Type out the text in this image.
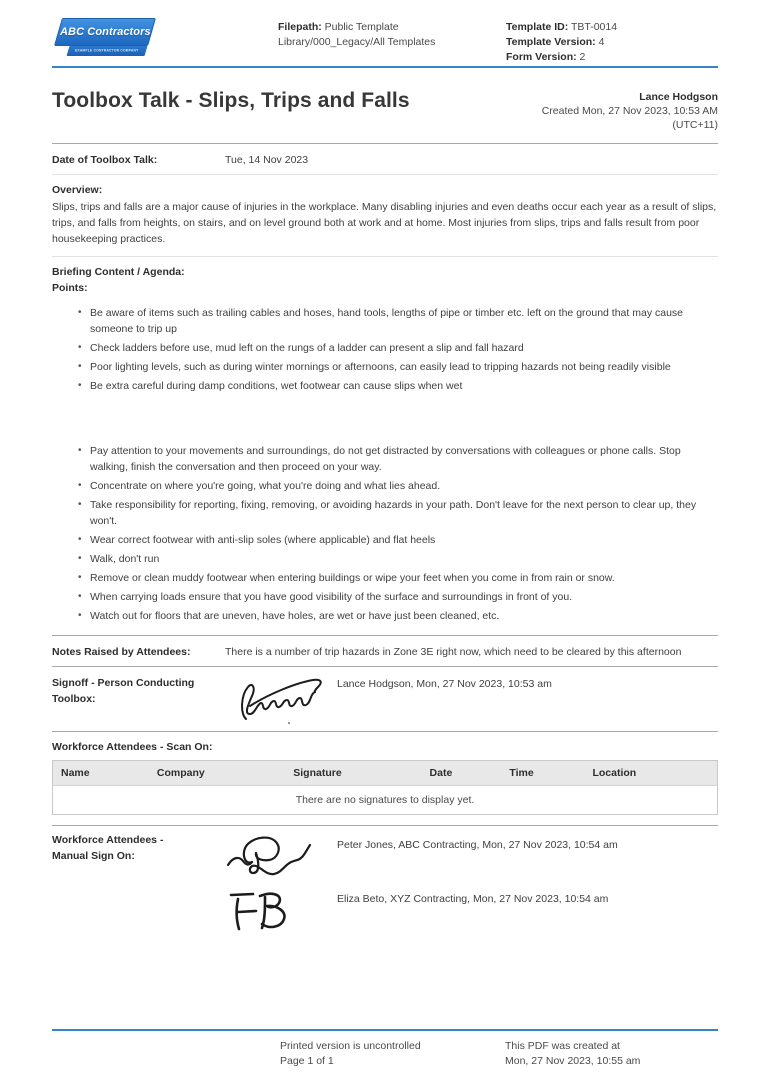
ABC Contractors
EXAMPLE CONTRACTOR COMPANY
Filepath: Public Template Library/000_Legacy/All Templates
Template ID: TBT-0014
Template Version: 4
Form Version: 2
Toolbox Talk - Slips, Trips and Falls	Lance Hodgson
Created Mon, 27 Nov 2023, 10:53 AM
(UTC+11)
Date of Toolbox Talk:	Tue, 14 Nov 2023
Overview:

Slips, trips and falls are a major cause of injuries in the workplace. Many disabling injuries and even deaths occur each year as a result of slips, trips, and falls from heights, on stairs, and on level ground both at work and at home. Most injuries from slips, trips and falls result from poor housekeeping practices.

Briefing Content / Agenda:
Points:
• Be aware of items such as trailing cables and hoses, hand tools, lengths of pipe or timber etc. left on the ground that may cause someone to trip up
• Check ladders before use, mud left on the rungs of a ladder can present a slip and fall hazard
• Poor lighting levels, such as during winter mornings or afternoons, can easily lead to tripping hazards not being readily visible
• Be extra careful during damp conditions, wet footwear can cause slips when wet
• Pay attention to your movements and surroundings, do not get distracted by conversations with colleagues or phone calls. Stop walking, finish the conversation and then proceed on your way.
• Concentrate on where you're going, what you're doing and what lies ahead.
• Take responsibility for reporting, fixing, removing, or avoiding hazards in your path. Don't leave for the next person to clear up, they won't.
• Wear correct footwear with anti-slip soles (where applicable) and flat heels
• Walk, don't run
• Remove or clean muddy footwear when entering buildings or wipe your feet when you come in from rain or snow.
• When carrying loads ensure that you have good visibility of the surface and surroundings in front of you.
• Watch out for floors that are uneven, have holes, are wet or have just been cleaned, etc.
Notes Raised by Attendees:	There is a number of trip hazards in Zone 3E right now, which need to be cleared by this afternoon
Signoff - Person Conducting
Toolbox:
Lance Hodgson, Mon, 27 Nov 2023, 10:53 am
Workforce Attendees - Scan On:
Name	Company	Signature	Date	Time	Location
There are no signatures to display yet.
Workforce Attendees -
Manual Sign On:
Peter Jones, ABC Contracting, Mon, 27 Nov 2023, 10:54 am
Eliza Beto, XYZ Contracting, Mon, 27 Nov 2023, 10:54 am
Printed version is uncontrolled
Page 1 of 1
This PDF was created at
Mon, 27 Nov 2023, 10:55 am
